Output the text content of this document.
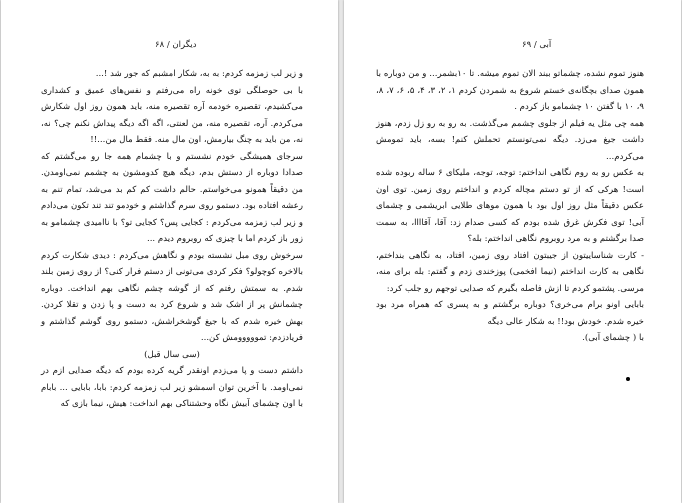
۶۸ / دیگران

و زیر لب زمزمه کردم: به به، شکار امشبم که جور شد !...

با بی حوصلگی توی خونه راه می‌رفتم و نفس‌های عمیق و کشداری می‌کشیدم، تقصیره خودمه آره تقصیره منه، باید همون روز اول شکارش می‌کردم. آره، تقصیره منه، من لعنتی، اگه اگه دیگه پیداش نکنم چی؟ نه، نه، من باید به چنگ بیارمش، اون مال منه. فقط مال من...!!

سرجای همیشگی خودم نشستم و با چشمام همه جا رو می‌گشتم که صدادا دوباره از دستش بدم، دیگه هیچ کدومشون به چشمم نمی‌اومدن. من دقیقاً همونو می‌خواستم. حالم داشت کم کم بد می‌شد، تمام تنم به رعشه افتاده بود. دستمو روی سرم گذاشتم و خودمو تند تند تکون می‌دادم و زیر لب زمزمه می‌کردم : کجایی پس؟ کجایی تو؟ با ناامیدی چشمامو به زور باز کردم اما با چیزی که روبروم دیدم ...

سرخوش روی مبل نشسته بودم و نگاهش می‌کردم : دیدی شکارت کردم بالاخره کوچولو؟ فکر کردی می‌تونی از دستم فرار کنی؟ از روی زمین بلند شدم. به سمتش رفتم که از گوشه چشم نگاهی بهم انداخت. دوباره چشمانش پر از اشک شد و شروع کرد به دست و پا زدن و تقلا کردن. بهش خیره شدم که با جیغ گوشخراشش، دستمو روی گوشم گذاشتم و فریادزدم: تمووووومش کن...

(سی سال قبل)

داشتم دست و پا می‌زدم اونقدر گریه کرده بودم که دیگه صدایی ازم در نمی‌اومد. با آخرین توان اسمشو زیر لب زمزمه کردم: بابا، بابایی ... بابام با اون چشمای آبیش نگاه وحشتناکی بهم انداخت: هیش، نیما بازی که

آبی / ۶۹

هنوز تموم نشده، چشماتو ببند الان تموم میشه. تا ۱۰بشمر... و من دوباره با همون صدای بچگانه‌ی خستم شروع به شمردن کردم ۱، ۲، ۳، ۴، ۵، ۶، ۷، ۸، ۹، ۱۰ با گفتن ۱۰ چشمامو باز کردم .

همه چی مثل یه فیلم از جلوی چشمم می‌گذشت. به رو به رو زل زدم، هنوز داشت جیغ می‌زد. دیگه نمی‌تونستم تحملش کنم! بسه، باید تمومش می‌کردم...

به عکس رو به روم نگاهی انداختم: توجه، توجه، ملیکای ۶ ساله ربوده شده است! هرکی که از تو دستم مچاله کردم و انداختم روی زمین. توی اون عکس دقیقاً مثل روز اول بود با همون موهای طلایی ابریشمی و چشمای آبی! توی فکرش غرق شده بودم که کسی صدام زد: آقا، آقاااا، به سمت صدا برگشتم و به مرد روبروم نگاهی انداختم: بله؟

- کارت شناساییتون از جیبتون افتاد روی زمین، افتاد، به نگاهی بنداختم، نگاهی به کارت انداختم (نیما افخمی) پوزخندی زدم و گفتم: بله برای منه، مرسی. پشتمو کردم تا ازش فاصله بگیرم که صدایی توجهم رو جلب کرد:

بابایی اونو برام می‌خری؟ دوباره برگشتم و به پسری که همراه مرد بود خیره شدم. خودش بود!! به شکار عالی دیگه

با ( چشمای آبی).
